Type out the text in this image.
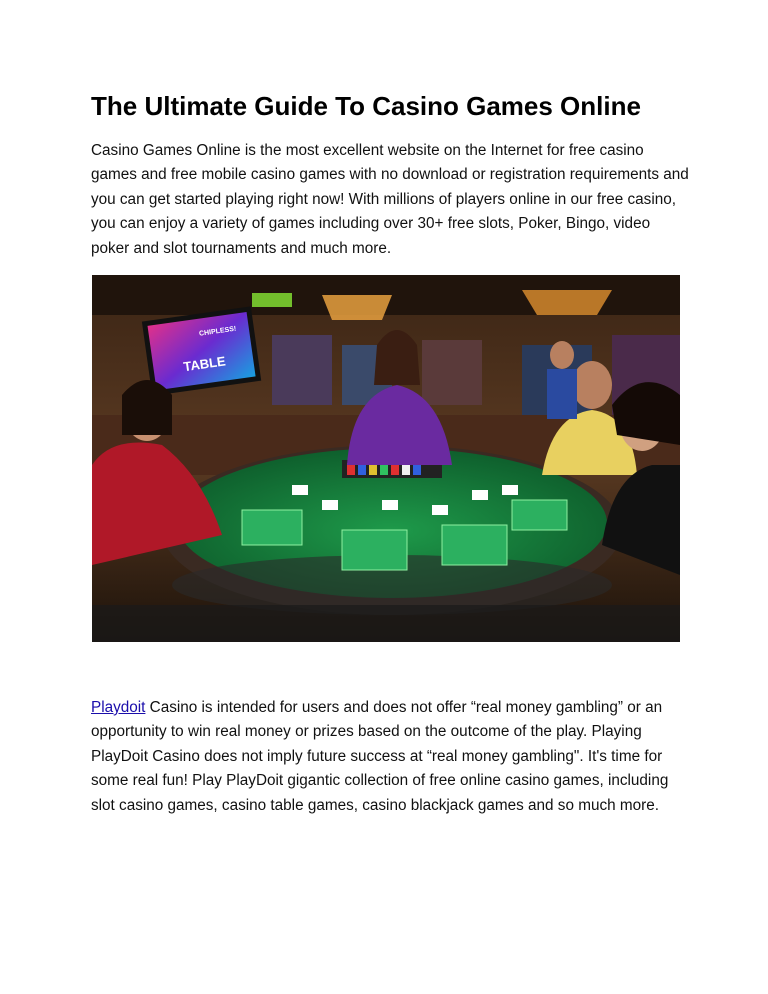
The Ultimate Guide To Casino Games Online

Casino Games Online is the most excellent website on the Internet for free casino games and free mobile casino games with no download or registration requirements and you can get started playing right now! With millions of players online in our free casino, you can enjoy a variety of games including over 30+ free slots, Poker, Bingo, video poker and slot tournaments and much more.

TABLE
CHIPLESS!

Playdoit Casino is intended for users and does not offer “real money gambling” or an opportunity to win real money or prizes based on the outcome of the play. Playing PlayDoit Casino does not imply future success at “real money gambling". It's time for some real fun! Play PlayDoit gigantic collection of free online casino games, including slot casino games, casino table games, casino blackjack games and so much more.
